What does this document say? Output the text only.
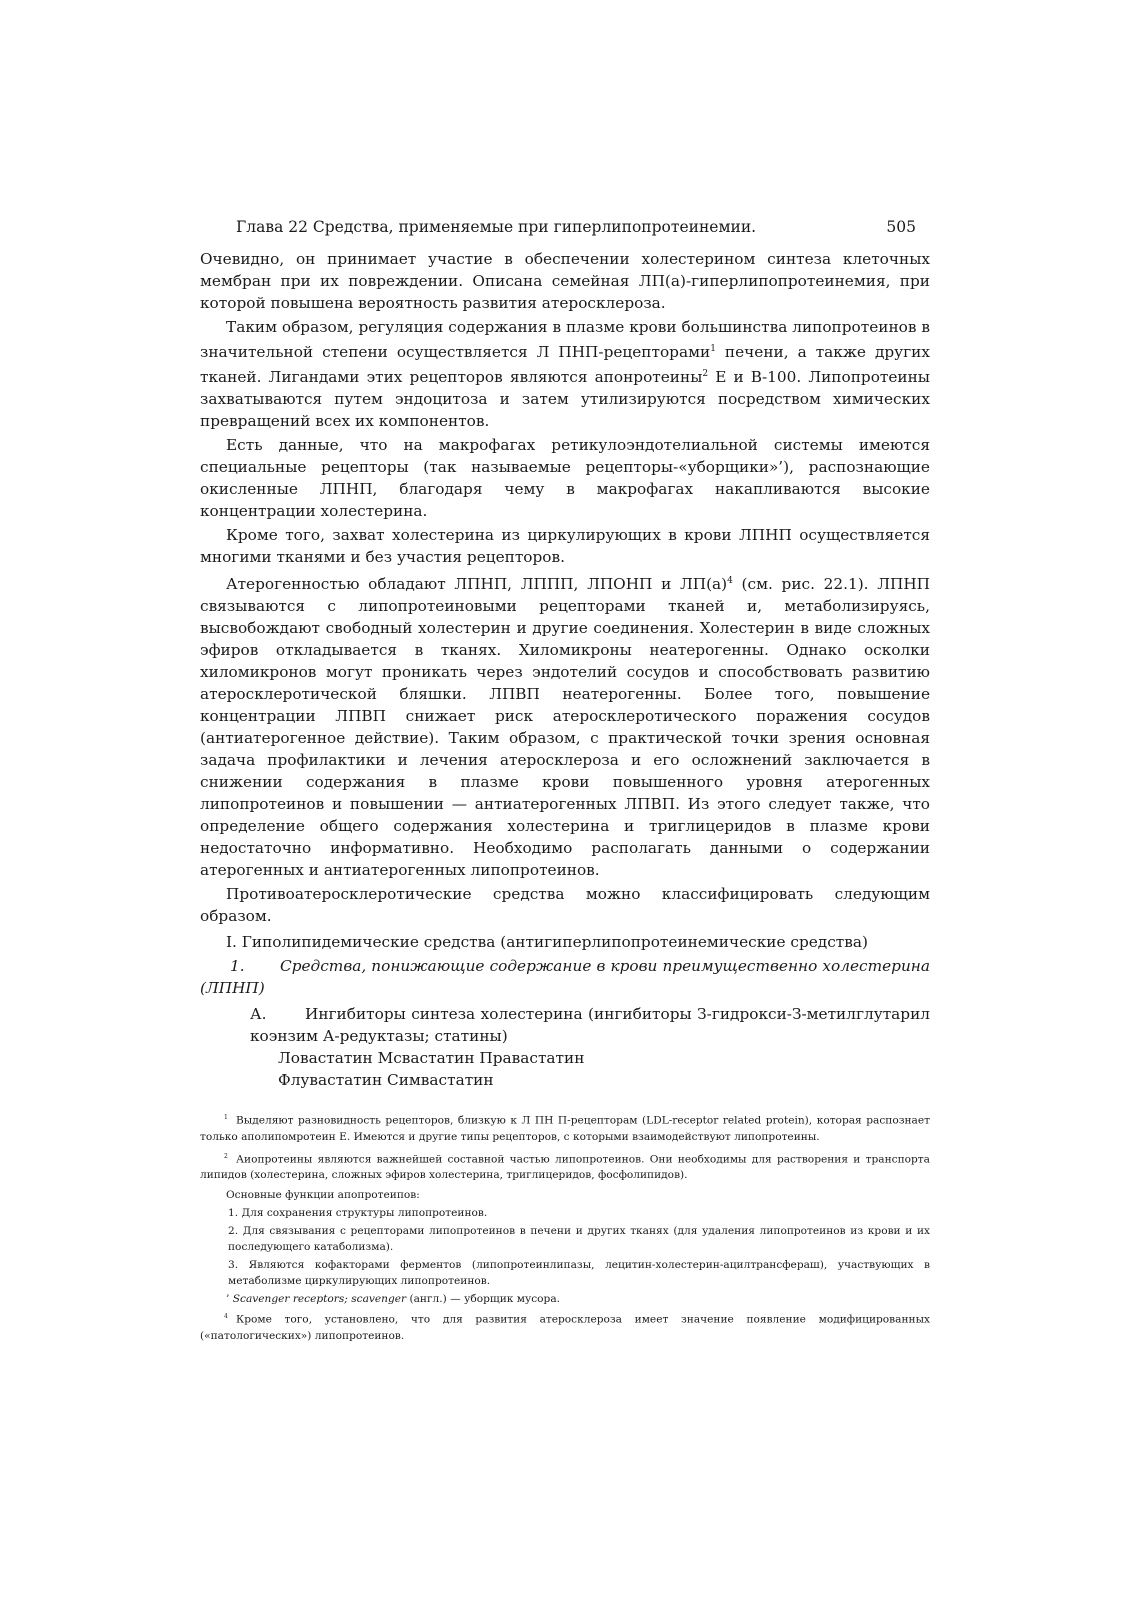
Глава 22 Средства, применяемые при гиперлипопротеинемии.	505

Очевидно, он принимает участие в обеспечении холестерином синтеза клеточных мембран при их повреждении. Описана семейная ЛП(а)-гиперлипопротеинемия, при которой повышена вероятность развития атеросклероза.

Таким образом, регуляция содержания в плазме крови большинства липопротеинов в значительной степени осуществляется Л ПНП-рецепторами$^1$ печени, а также других тканей. Лигандами этих рецепторов являются апонротеины$^2$ Е и В-100. Липопротеины захватываются путем эндоцитоза и затем утилизируются посредством химических превращений всех их компонентов.

Есть данные, что на макрофагах ретикулоэндотелиальной системы имеются специальные рецепторы (так называемые рецепторы-«уборщики»’), распознающие окисленные ЛПНП, благодаря чему в макрофагах накапливаются высокие концентрации холестерина.

Кроме того, захват холестерина из циркулирующих в крови ЛПНП осуществляется многими тканями и без участия рецепторов.

Атерогенностью обладают ЛПНП, ЛППП, ЛПОНП и $ЛП(а)^4$ (см. рис. 22.1). ЛПНП связываются с липопротеиновыми рецепторами тканей и, метаболизируясь, высвобождают свободный холестерин и другие соединения. Холестерин в виде сложных эфиров откладывается в тканях. Хиломикроны неатерогенны. Однако осколки хиломикронов могут проникать через эндотелий сосудов и способствовать развитию атеросклеротической бляшки. ЛПВП неатерогенны. Более того, повышение концентрации ЛПВП снижает риск атеросклеротического поражения сосудов (антиатерогенное действие). Таким образом, с практической точки зрения основная задача профилактики и лечения атеросклероза и его осложнений заключается в снижении содержания в плазме крови повышенного уровня атерогенных липопротеинов и повышении — антиатерогенных ЛПВП. Из этого следует также, что определение общего содержания холестерина и триглицеридов в плазме крови недостаточно информативно. Необходимо располагать данными о содержании атерогенных и антиатерогенных липопротеинов.

Противоатеросклеротические средства можно классифицировать следующим образом.

I. Гиполипидемические средства (антигиперлипопротеинемические средства)

1. Средства, понижающие содержание в крови преимущественно холестерина (ЛПНП)

А.	Ингибиторы синтеза холестерина (ингибиторы З-гидрокси-З-метилглутарил коэнзим А-редуктазы; статины)

Ловастатин Мсвастатин Правастатин

Флувастатин Симвастатин

1 Выделяют разновидность рецепторов, близкую к Л ПН П-рецепторам (LDL-receptor related protein), которая распознает только аполипомротеин Е. Имеются и другие типы рецепторов, с которыми взаимодействуют липопротеины.

2 Аиопротеины являются важнейшей составной частью липопротеинов. Они необходимы для растворения и транспорта липидов (холестерина, сложных эфиров холестерина, триглицеридов, фосфолипидов).

Основные функции апопротеипов:

1. Для сохранения структуры липопротеинов.

2. Для связывания с рецепторами липопротеинов в печени и других тканях (для удаления липопротеинов из крови и их последующего катаболизма).

3. Являются кофакторами ферментов (липопротеинлипазы, лецитин-холестерин-ацилтрансфераш), участвующих в метаболизме циркулирующих липопротеинов.

’ Scavenger receptors; scavenger (англ.) — уборщик мусора.

4 Кроме того, установлено, что для развития атеросклероза имеет значение появление модифицированных («патологических») липопротеинов.
